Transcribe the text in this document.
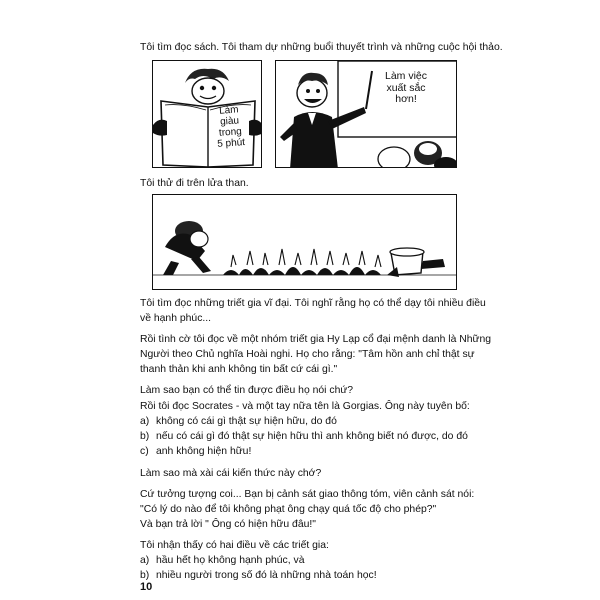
Tôi tìm đọc sách. Tôi tham dự những buổi thuyết trình và những cuộc hội thảo.
Làm
giàu
trong
5 phút
Làm việc
xuất sắc
hơn!
Tôi thử đi trên lửa than.
Tôi tìm đọc những triết gia vĩ đại. Tôi nghĩ rằng họ có thể dạy tôi nhiều điều
về hạnh phúc...
Rồi tình cờ tôi đọc về một nhóm triết gia Hy Lạp cổ đại mệnh danh là Những
Người theo Chủ nghĩa Hoài nghi. Họ cho rằng: "Tâm hồn anh chỉ thật sự
thanh thản khi anh không tin bất cứ cái gì."
Làm sao bạn có thể tin được điều họ nói chứ?
Rồi tôi đọc Socrates - và một tay nữa tên là Gorgias. Ông này tuyên bố:
a) không có cái gì thật sự hiện hữu, do đó
b) nếu có cái gì đó thật sự hiện hữu thì anh không biết nó được, do đó
c) anh không hiện hữu!
Làm sao mà xài cái kiến thức này chớ?
Cứ tưởng tượng coi... Bạn bị cảnh sát giao thông tóm, viên cảnh sát nói:
"Có lý do nào để tôi không phạt ông chạy quá tốc độ cho phép?"
Và bạn trả lời " Ông có hiện hữu đâu!"
Tôi nhận thấy có hai điều về các triết gia:
a) hầu hết họ không hạnh phúc, và
b) nhiều người trong số đó là những nhà toán học!
10
